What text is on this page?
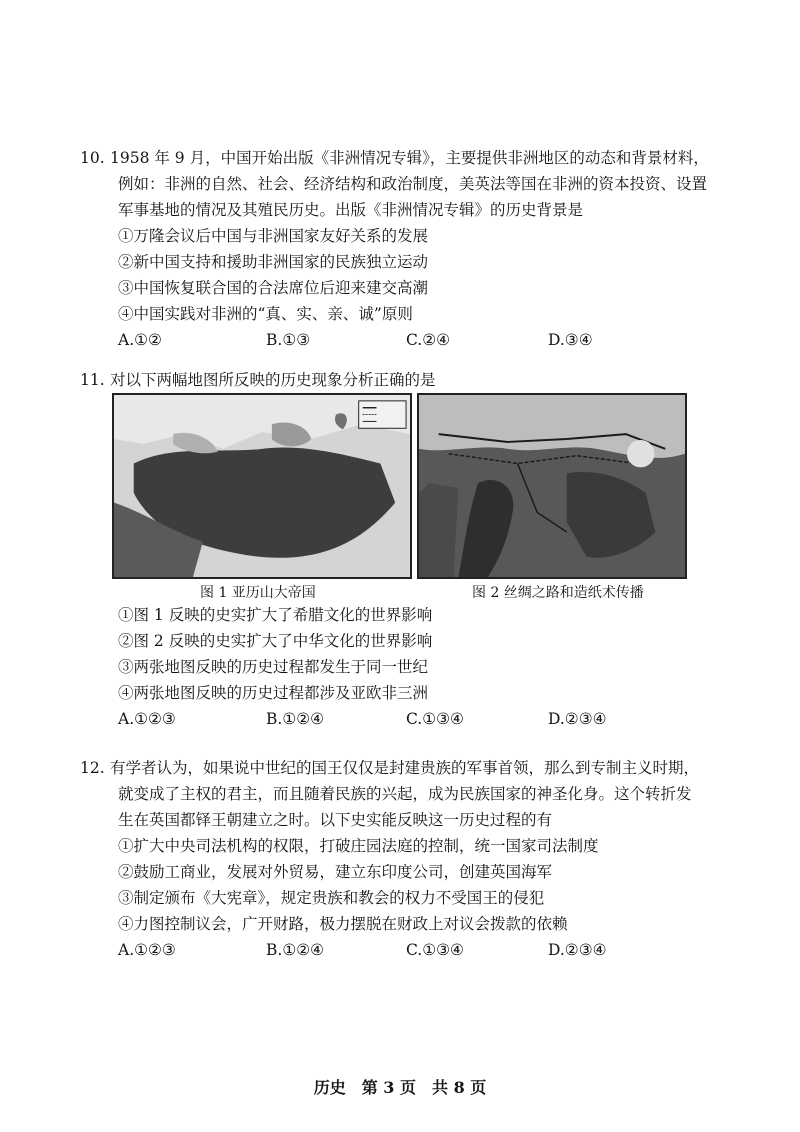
10. 1958 年 9 月，中国开始出版《非洲情况专辑》，主要提供非洲地区的动态和背景材料，
例如：非洲的自然、社会、经济结构和政治制度，美英法等国在非洲的资本投资、设置
军事基地的情况及其殖民历史。出版《非洲情况专辑》的历史背景是
①万隆会议后中国与非洲国家友好关系的发展
②新中国支持和援助非洲国家的民族独立运动
③中国恢复联合国的合法席位后迎来建交高潮
④中国实践对非洲的“真、实、亲、诚”原则
A.①②	B.①③	C.②④	D.③④
11. 对以下两幅地图所反映的历史现象分析正确的是
图 1 亚历山大帝国	图 2 丝绸之路和造纸术传播
①图 1 反映的史实扩大了希腊文化的世界影响
②图 2 反映的史实扩大了中华文化的世界影响
③两张地图反映的历史过程都发生于同一世纪
④两张地图反映的历史过程都涉及亚欧非三洲
A.①②③	B.①②④	C.①③④	D.②③④
12. 有学者认为，如果说中世纪的国王仅仅是封建贵族的军事首领，那么到专制主义时期，
就变成了主权的君主，而且随着民族的兴起，成为民族国家的神圣化身。这个转折发
生在英国都铎王朝建立之时。以下史实能反映这一历史过程的有
①扩大中央司法机构的权限，打破庄园法庭的控制，统一国家司法制度
②鼓励工商业，发展对外贸易，建立东印度公司，创建英国海军
③制定颁布《大宪章》，规定贵族和教会的权力不受国王的侵犯
④力图控制议会，广开财路，极力摆脱在财政上对议会拨款的依赖
A.①②③	B.①②④	C.①③④	D.②③④
历史　第 3 页　共 8 页
